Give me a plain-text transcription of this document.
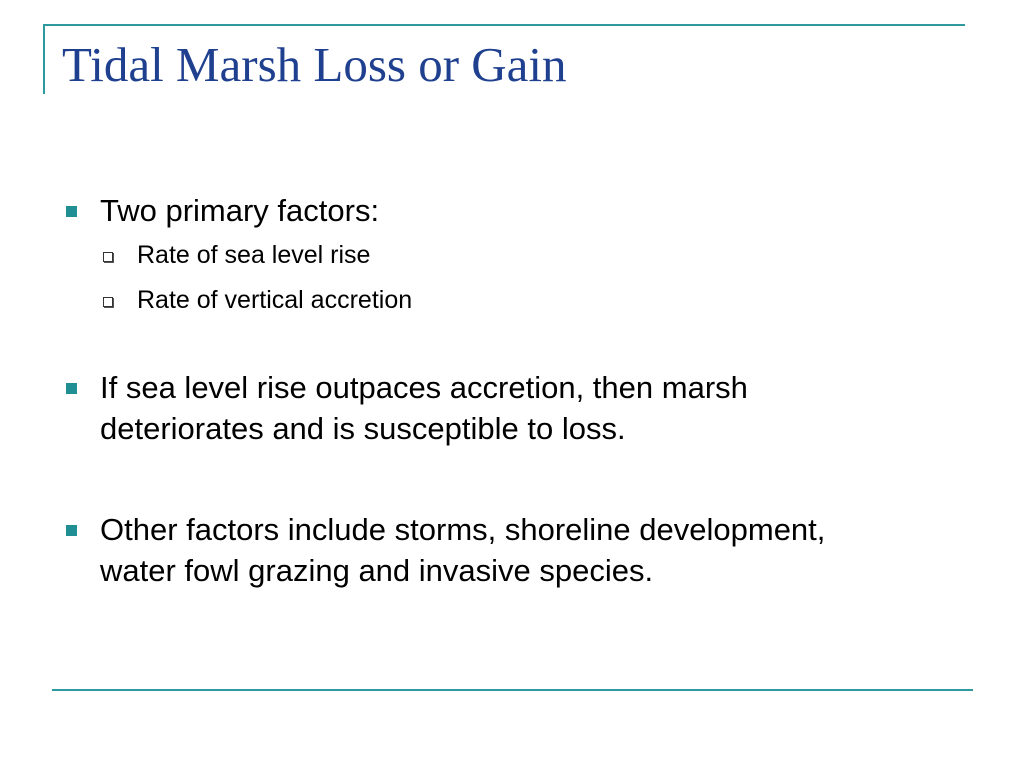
Tidal Marsh Loss or Gain
Two primary factors:
Rate of sea level rise
Rate of vertical accretion
If sea level rise outpaces accretion, then marsh deteriorates and is susceptible to loss.
Other factors include storms, shoreline development, water fowl grazing and invasive species.
